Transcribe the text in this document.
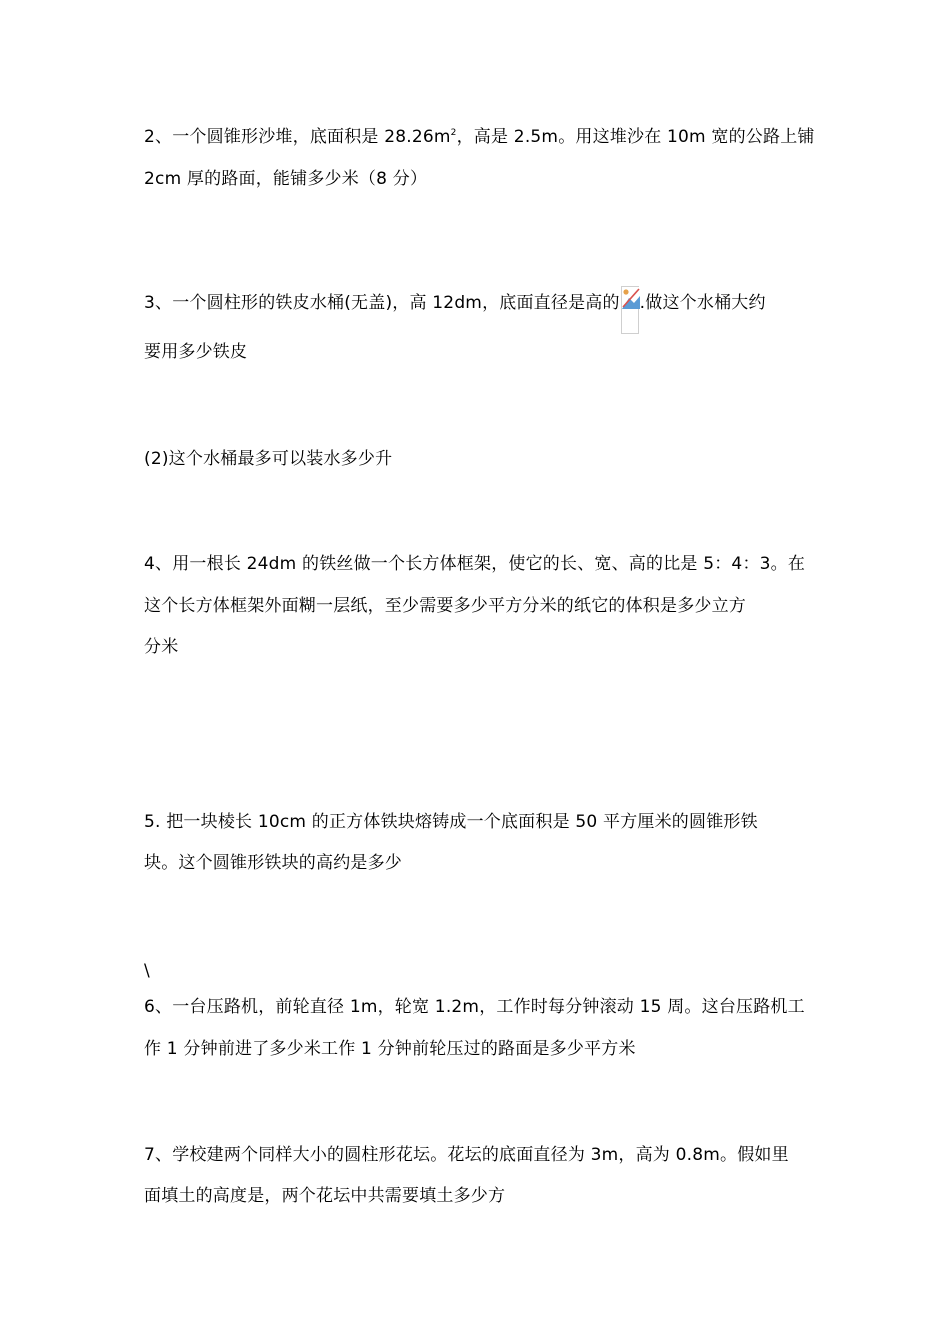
2、一个圆锥形沙堆，底面积是 $28.26m^2$，高是 2.5m。用这堆沙在 10m 宽的公路上铺
2cm 厚的路面，能铺多少米（8 分）
3、一个圆柱形的铁皮水桶(无盖)，高 12dm，底面直径是高的 .做这个水桶大约
要用多少铁皮
(2)这个水桶最多可以装水多少升
4、用一根长 24dm 的铁丝做一个长方体框架，使它的长、宽、高的比是 5：4：3。在
这个长方体框架外面糊一层纸，至少需要多少平方分米的纸它的体积是多少立方
分米
5. 把一块棱长 10cm 的正方体铁块熔铸成一个底面积是 50 平方厘米的圆锥形铁
块。这个圆锥形铁块的高约是多少
\
6、一台压路机，前轮直径 1m，轮宽 1.2m，工作时每分钟滚动 15 周。这台压路机工
作 1 分钟前进了多少米工作 1 分钟前轮压过的路面是多少平方米
7、学校建两个同样大小的圆柱形花坛。花坛的底面直径为 3m，高为 0.8m。假如里
面填土的高度是，两个花坛中共需要填土多少方
